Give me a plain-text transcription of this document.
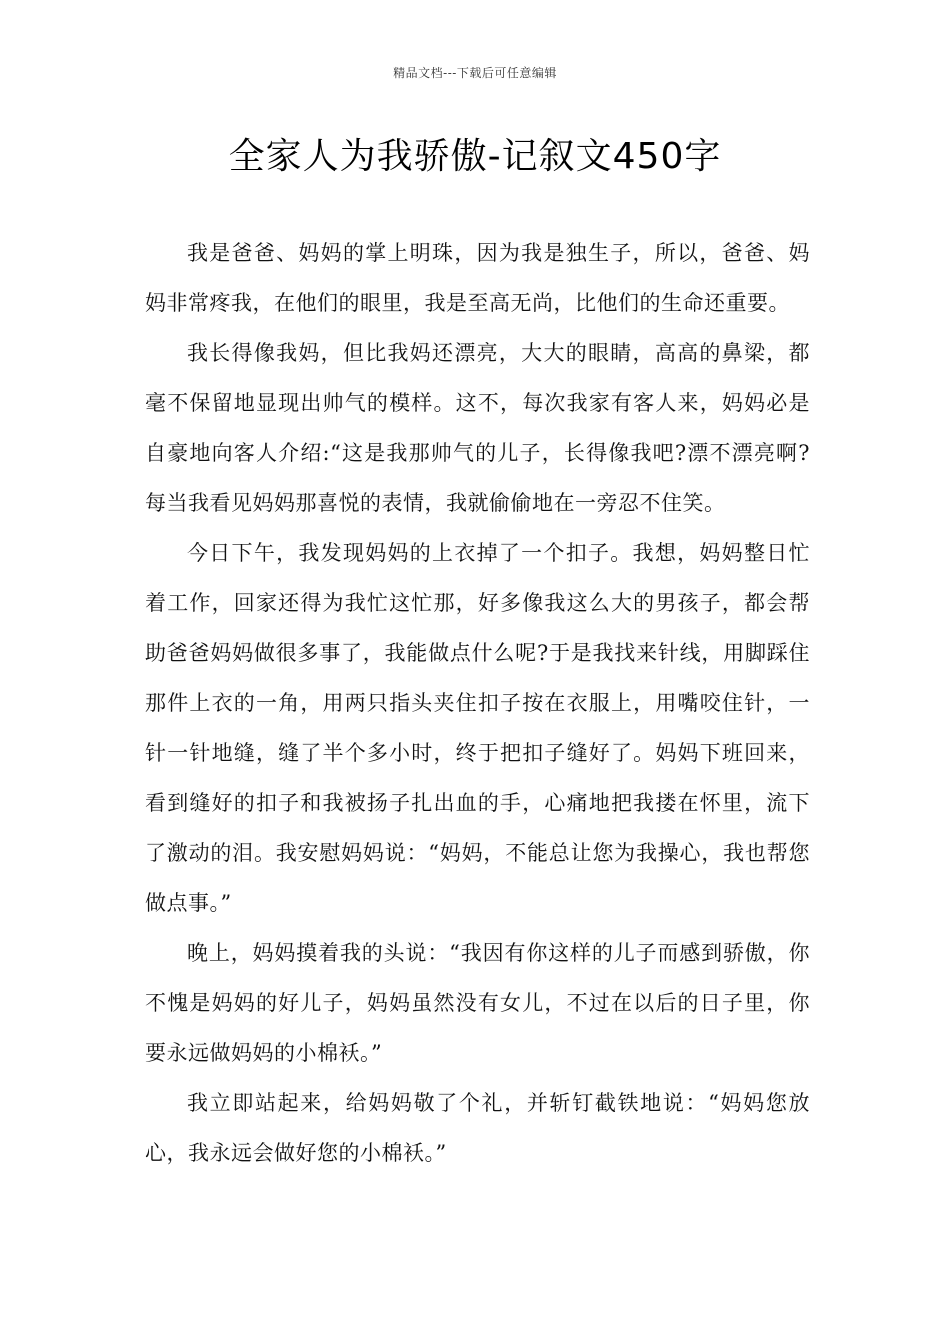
精品文档---下载后可任意编辑
全家人为我骄傲-记叙文450字

我是爸爸、妈妈的掌上明珠，因为我是独生子，所以，爸爸、妈妈非常疼我，在他们的眼里，我是至高无尚，比他们的生命还重要。

我长得像我妈，但比我妈还漂亮，大大的眼睛，高高的鼻梁，都毫不保留地显现出帅气的模样。这不，每次我家有客人来，妈妈必是自豪地向客人介绍:“这是我那帅气的儿子，长得像我吧?漂不漂亮啊?每当我看见妈妈那喜悦的表情，我就偷偷地在一旁忍不住笑。

今日下午，我发现妈妈的上衣掉了一个扣子。我想，妈妈整日忙着工作，回家还得为我忙这忙那，好多像我这么大的男孩子，都会帮助爸爸妈妈做很多事了，我能做点什么呢?于是我找来针线，用脚踩住那件上衣的一角，用两只指头夹住扣子按在衣服上，用嘴咬住针，一针一针地缝，缝了半个多小时，终于把扣子缝好了。妈妈下班回来，看到缝好的扣子和我被扬子扎出血的手，心痛地把我搂在怀里，流下了激动的泪。我安慰妈妈说：“妈妈，不能总让您为我操心，我也帮您做点事。”

晚上，妈妈摸着我的头说：“我因有你这样的儿子而感到骄傲，你不愧是妈妈的好儿子，妈妈虽然没有女儿，不过在以后的日子里，你要永远做妈妈的小棉袄。”

我立即站起来，给妈妈敬了个礼，并斩钉截铁地说：“妈妈您放心，我永远会做好您的小棉袄。”
